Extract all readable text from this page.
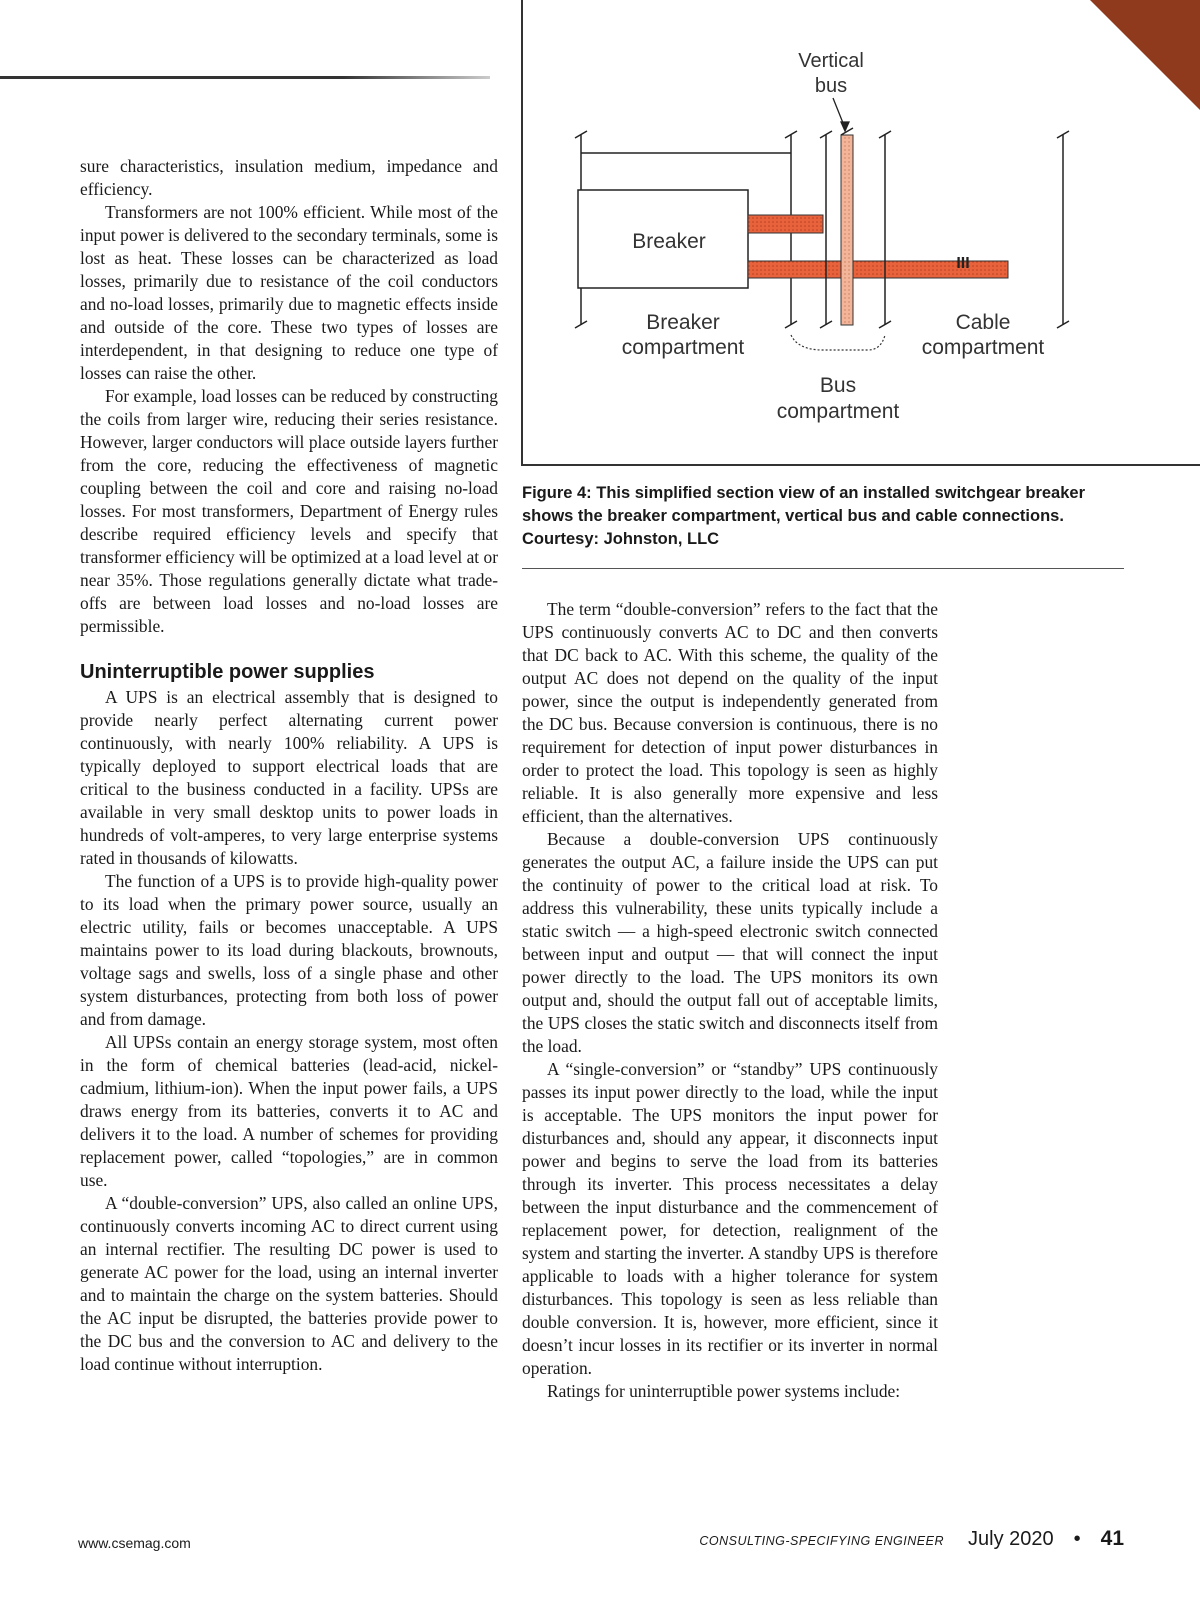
Breaker
III
Vertical
bus
Breaker
compartment
Cable
compartment
Bus
compartment
Figure 4: This simplified section view of an installed switchgear breaker shows the breaker compartment, vertical bus and cable connections. Courtesy: Johnston, LLC

sure characteristics, insulation medium, impedance and efficiency.

Transformers are not 100% efficient. While most of the input power is delivered to the secondary terminals, some is lost as heat. These losses can be characterized as load losses, primarily due to resistance of the coil conductors and no-load losses, primarily due to magnetic effects inside and outside of the core. These two types of losses are interdependent, in that designing to reduce one type of losses can raise the other.

For example, load losses can be reduced by constructing the coils from larger wire, reducing their series resistance. However, larger conductors will place outside layers further from the core, reducing the effectiveness of magnetic coupling between the coil and core and raising no-load losses. For most transformers, Department of Energy rules describe required efficiency levels and specify that transformer efficiency will be optimized at a load level at or near 35%. Those regulations generally dictate what trade-offs are between load losses and no-load losses are permissible.

Uninterruptible power supplies

A UPS is an electrical assembly that is designed to provide nearly perfect alternating current power continuously, with nearly 100% reliability. A UPS is typically deployed to support electrical loads that are critical to the business conducted in a facility. UPSs are available in very small desktop units to power loads in hundreds of volt-amperes, to very large enterprise systems rated in thousands of kilowatts.

The function of a UPS is to provide high-quality power to its load when the primary power source, usually an electric utility, fails or becomes unacceptable. A UPS maintains power to its load during blackouts, brownouts, voltage sags and swells, loss of a single phase and other system disturbances, protecting from both loss of power and from damage.

All UPSs contain an energy storage system, most often in the form of chemical batteries (lead-acid, nickel-cadmium, lithium-ion). When the input power fails, a UPS draws energy from its batteries, converts it to AC and delivers it to the load. A number of schemes for providing replacement power, called “topologies,” are in common use.

A “double-conversion” UPS, also called an online UPS, continuously converts incoming AC to direct current using an internal rectifier. The resulting DC power is used to generate AC power for the load, using an internal inverter and to maintain the charge on the system batteries. Should the AC input be disrupted, the batteries provide power to the DC bus and the conversion to AC and delivery to the load continue without interruption.

The term “double-conversion” refers to the fact that the UPS continuously converts AC to DC and then converts that DC back to AC. With this scheme, the quality of the output AC does not depend on the quality of the input power, since the output is independently generated from the DC bus. Because conversion is continuous, there is no requirement for detection of input power disturbances in order to protect the load. This topology is seen as highly reliable. It is also generally more expensive and less efficient, than the alternatives.

Because a double-conversion UPS continuously generates the output AC, a failure inside the UPS can put the continuity of power to the critical load at risk. To address this vulnerability, these units typically include a static switch — a high-speed electronic switch connected between input and output — that will connect the input power directly to the load. The UPS monitors its own output and, should the output fall out of acceptable limits, the UPS closes the static switch and disconnects itself from the load.

A “single-conversion” or “standby” UPS continuously passes its input power directly to the load, while the input is acceptable. The UPS monitors the input power for disturbances and, should any appear, it disconnects input power and begins to serve the load from its batteries through its inverter. This process necessitates a delay between the input disturbance and the commencement of replacement power, for detection, realignment of the system and starting the inverter. A standby UPS is therefore applicable to loads with a higher tolerance for system disturbances. This topology is seen as less reliable than double conversion. It is, however, more efficient, since it doesn’t incur losses in its rectifier or its inverter in normal operation.

Ratings for uninterruptible power systems include:

www.csemag.com	CONSULTING-SPECIFYING ENGINEER July 2020 • 41
